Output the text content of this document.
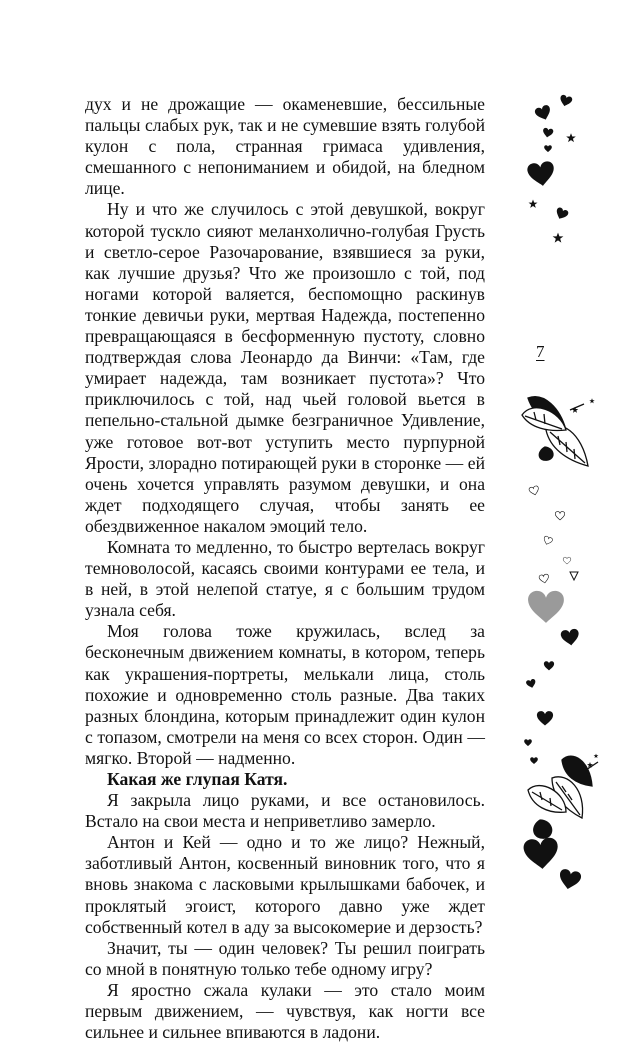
дух и не дрожащие — окаменевшие, бессильные пальцы слабых рук, так и не сумевшие взять голубой кулон с пола, странная гримаса удивления, смешанного с непониманием и обидой, на бледном лице.

Ну и что же случилось с этой девушкой, вокруг которой тускло сияют меланхолично-голубая Грусть и светло-серое Разочарование, взявшиеся за руки, как лучшие друзья? Что же произошло с той, под ногами которой валяется, беспомощно раскинув тонкие девичьи руки, мертвая Надежда, постепенно превращающаяся в бесформенную пустоту, словно подтверждая слова Леонардо да Винчи: «Там, где умирает надежда, там возникает пустота»? Что приключилось с той, над чьей головой вьется в пепельно-стальной дымке безграничное Удивление, уже готовое вот-вот уступить место пурпурной Ярости, злорадно потирающей руки в сторонке — ей очень хочется управлять разумом девушки, и она ждет подходящего случая, чтобы занять ее обездвиженное накалом эмоций тело.

Комната то медленно, то быстро вертелась вокруг темноволосой, касаясь своими контурами ее тела, и в ней, в этой нелепой статуе, я с большим трудом узнала себя.

Моя голова тоже кружилась, вслед за бесконечным движением комнаты, в котором, теперь как украшения-портреты, мелькали лица, столь похожие и одновременно столь разные. Два таких разных блондина, которым принадлежит один кулон с топазом, смотрели на меня со всех сторон. Один — мягко. Второй — надменно.

Какая же глупая Катя.

Я закрыла лицо руками, и все остановилось. Встало на свои места и неприветливо замерло.

Антон и Кей — одно и то же лицо? Нежный, заботливый Антон, косвенный виновник того, что я вновь знакома с ласковыми крылышками бабочек, и проклятый эгоист, которого давно уже ждет собственный котел в аду за высокомерие и дерзость?

Значит, ты — один человек? Ты решил поиграть со мной в понятную только тебе одному игру?

Я яростно сжала кулаки — это стало моим первым движением, — чувствуя, как ногти все сильнее и сильнее впиваются в ладони.

7
